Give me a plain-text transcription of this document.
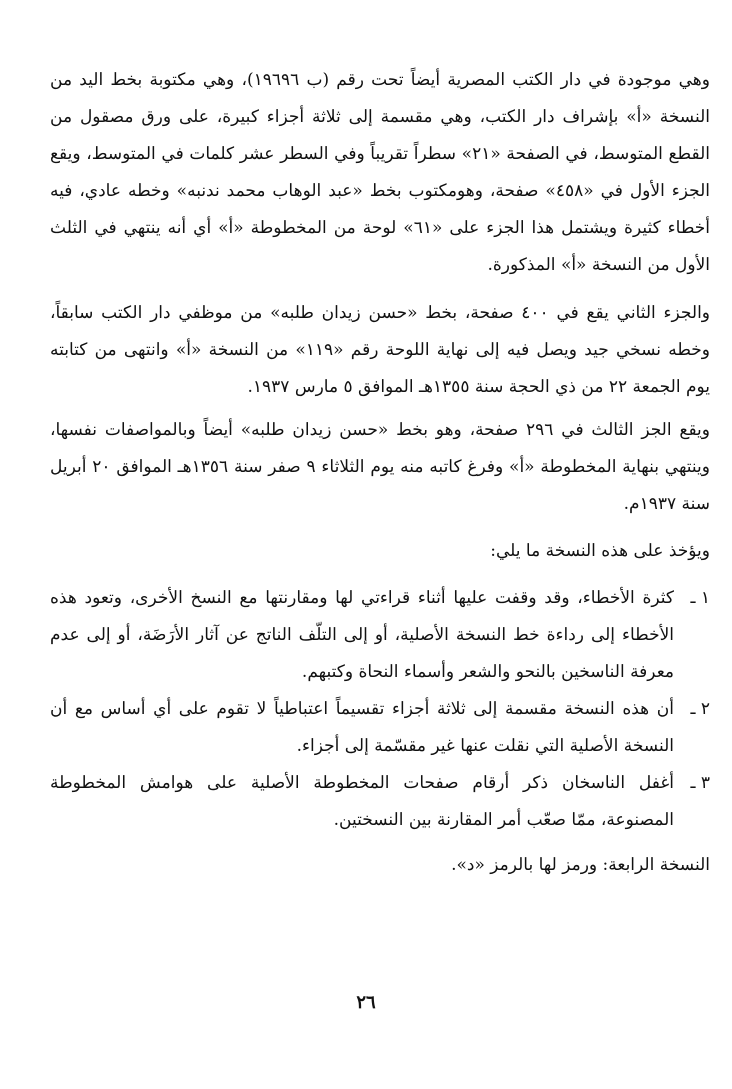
وهي موجودة في دار الكتب المصرية أيضاً تحت رقم (ب ١٩٦٩٦)، وهي مكتوبة بخط اليد من النسخة «أ» بإشراف دار الكتب، وهي مقسمة إلى ثلاثة أجزاء كبيرة، على ورق مصقول من القطع المتوسط، في الصفحة «٢١» سطراً تقريباً وفي السطر عشر كلمات في المتوسط، ويقع الجزء الأول في «٤٥٨» صفحة، وهومكتوب بخط «عبد الوهاب محمد ندنبه» وخطه عادي، فيه أخطاء كثيرة ويشتمل هذا الجزء على «٦١» لوحة من المخطوطة «أ» أي أنه ينتهي في الثلث الأول من النسخة «أ» المذكورة.

والجزء الثاني يقع في ٤٠٠ صفحة، بخط «حسن زيدان طلبه» من موظفي دار الكتب سابقاً، وخطه نسخي جيد ويصل فيه إلى نهاية اللوحة رقم «١١٩» من النسخة «أ» وانتهى من كتابته يوم الجمعة ٢٢ من ذي الحجة سنة ١٣٥٥هـ الموافق ٥ مارس ١٩٣٧.

ويقع الجز الثالث في ٢٩٦ صفحة، وهو بخط «حسن زيدان طلبه» أيضاً وبالمواصفات نفسها، وينتهي بنهاية المخطوطة «أ» وفرغ كاتبه منه يوم الثلاثاء ٩ صفر سنة ١٣٥٦هـ الموافق ٢٠ أبريل سنة ١٩٣٧م.

ويؤخذ على هذه النسخة ما يلي:

١ ـكثرة الأخطاء، وقد وقفت عليها أثناء قراءتي لها ومقارنتها مع النسخ الأخرى، وتعود هذه الأخطاء إلى رداءة خط النسخة الأصلية، أو إلى التلّف الناتج عن آثار الأرَضَة، أو إلى عدم معرفة الناسخين بالنحو والشعر وأسماء النحاة وكتبهم.

٢ ـأن هذه النسخة مقسمة إلى ثلاثة أجزاء تقسيماً اعتباطياً لا تقوم على أي أساس مع أن النسخة الأصلية التي نقلت عنها غير مقسّمة إلى أجزاء.

٣ ـأغفل الناسخان ذكر أرقام صفحات المخطوطة الأصلية على هوامش المخطوطة المصنوعة، ممّا صعّب أمر المقارنة بين النسختين.

النسخة الرابعة: ورمز لها بالرمز «د».

٢٦
